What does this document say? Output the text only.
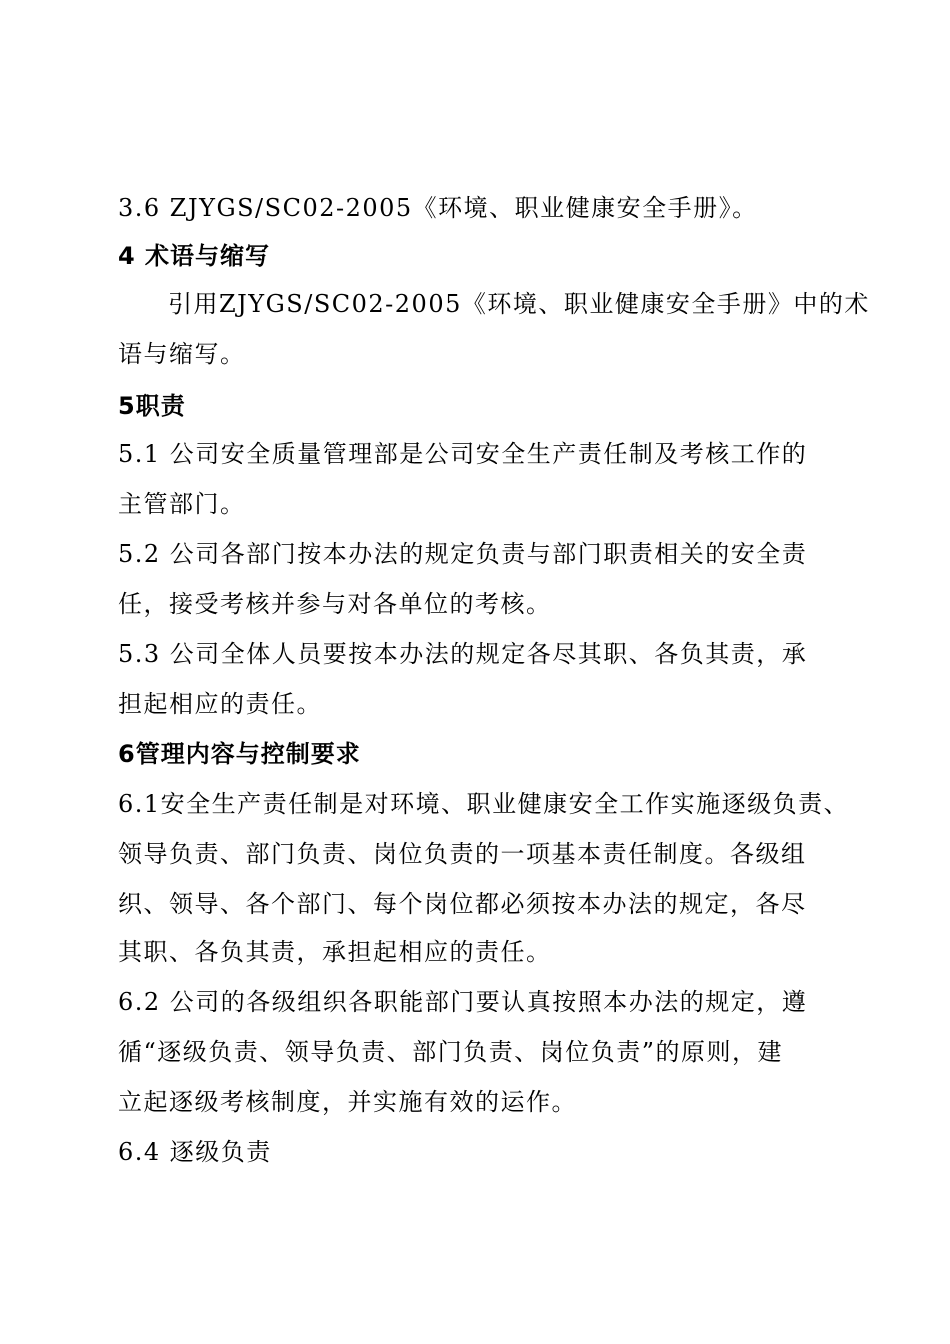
3.6 ZJYGS/SC02-2005《环境、职业健康安全手册》。
4 术语与缩写
引用ZJYGS/SC02-2005《环境、职业健康安全手册》中的术
语与缩写。
5职责
5.1 公司安全质量管理部是公司安全生产责任制及考核工作的
主管部门。
5.2 公司各部门按本办法的规定负责与部门职责相关的安全责
任，接受考核并参与对各单位的考核。
5.3 公司全体人员要按本办法的规定各尽其职、各负其责，承
担起相应的责任。
6管理内容与控制要求
6.1安全生产责任制是对环境、职业健康安全工作实施逐级负责、
领导负责、部门负责、岗位负责的一项基本责任制度。各级组
织、领导、各个部门、每个岗位都必须按本办法的规定，各尽
其职、各负其责，承担起相应的责任。
6.2 公司的各级组织各职能部门要认真按照本办法的规定，遵
循“逐级负责、领导负责、部门负责、岗位负责”的原则，建
立起逐级考核制度，并实施有效的运作。
6.4 逐级负责
